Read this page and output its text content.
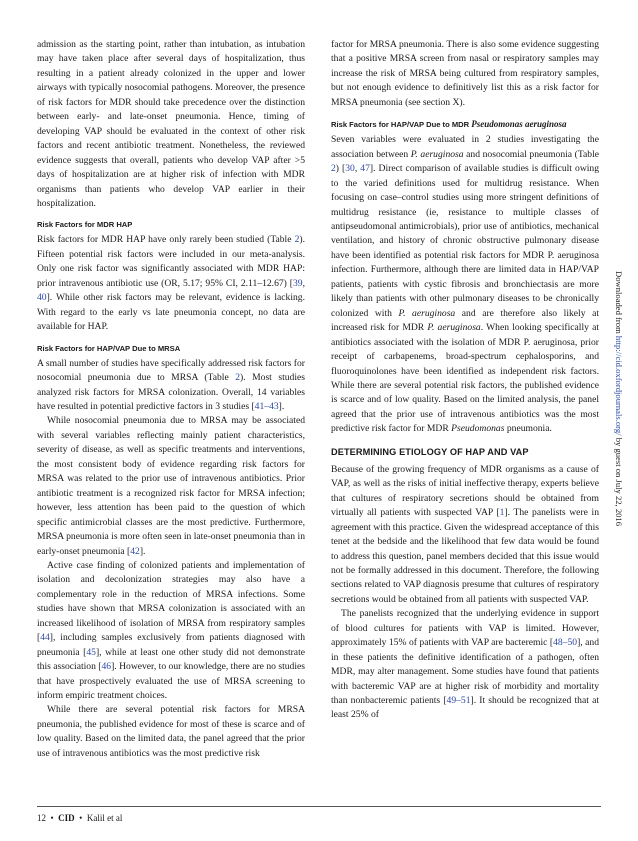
admission as the starting point, rather than intubation, as intubation may have taken place after several days of hospitalization, thus resulting in a patient already colonized in the upper and lower airways with typically nosocomial pathogens. Moreover, the presence of risk factors for MDR should take precedence over the distinction between early- and late-onset pneumonia. Hence, timing of developing VAP should be evaluated in the context of other risk factors and recent antibiotic treatment. Nonetheless, the reviewed evidence suggests that overall, patients who develop VAP after >5 days of hospitalization are at higher risk of infection with MDR organisms than patients who develop VAP earlier in their hospitalization.

Risk Factors for MDR HAP

Risk factors for MDR HAP have only rarely been studied (Table 2). Fifteen potential risk factors were included in our meta-analysis. Only one risk factor was significantly associated with MDR HAP: prior intravenous antibiotic use (OR, 5.17; 95% CI, 2.11–12.67) [39, 40]. While other risk factors may be relevant, evidence is lacking. With regard to the early vs late pneumonia concept, no data are available for HAP.

Risk Factors for HAP/VAP Due to MRSA

A small number of studies have specifically addressed risk factors for nosocomial pneumonia due to MRSA (Table 2). Most studies analyzed risk factors for MRSA colonization. Overall, 14 variables have resulted in potential predictive factors in 3 studies [41–43].

While nosocomial pneumonia due to MRSA may be associated with several variables reflecting mainly patient characteristics, severity of disease, as well as specific treatments and interventions, the most consistent body of evidence regarding risk factors for MRSA was related to the prior use of intravenous antibiotics. Prior antibiotic treatment is a recognized risk factor for MRSA infection; however, less attention has been paid to the question of which specific antimicrobial classes are the most predictive. Furthermore, MRSA pneumonia is more often seen in late-onset pneumonia than in early-onset pneumonia [42].

Active case finding of colonized patients and implementation of isolation and decolonization strategies may also have a complementary role in the reduction of MRSA infections. Some studies have shown that MRSA colonization is associated with an increased likelihood of isolation of MRSA from respiratory samples [44], including samples exclusively from patients diagnosed with pneumonia [45], while at least one other study did not demonstrate this association [46]. However, to our knowledge, there are no studies that have prospectively evaluated the use of MRSA screening to inform empiric treatment choices.

While there are several potential risk factors for MRSA pneumonia, the published evidence for most of these is scarce and of low quality. Based on the limited data, the panel agreed that the prior use of intravenous antibiotics was the most predictive risk

factor for MRSA pneumonia. There is also some evidence suggesting that a positive MRSA screen from nasal or respiratory samples may increase the risk of MRSA being cultured from respiratory samples, but not enough evidence to definitively list this as a risk factor for MRSA pneumonia (see section X).

Risk Factors for HAP/VAP Due to MDR Pseudomonas aeruginosa

Seven variables were evaluated in 2 studies investigating the association between P. aeruginosa and nosocomial pneumonia (Table 2) [30, 47]. Direct comparison of available studies is difficult owing to the varied definitions used for multidrug resistance. When focusing on case–control studies using more stringent definitions of multidrug resistance (ie, resistance to multiple classes of antipseudomonal antimicrobials), prior use of antibiotics, mechanical ventilation, and history of chronic obstructive pulmonary disease have been identified as potential risk factors for MDR P. aeruginosa infection. Furthermore, although there are limited data in HAP/VAP patients, patients with cystic fibrosis and bronchiectasis are more likely than patients with other pulmonary diseases to be chronically colonized with P. aeruginosa and are therefore also likely at increased risk for MDR P. aeruginosa. When looking specifically at antibiotics associated with the isolation of MDR P. aeruginosa, prior receipt of carbapenems, broad-spectrum cephalosporins, and fluoroquinolones have been identified as independent risk factors. While there are several potential risk factors, the published evidence is scarce and of low quality. Based on the limited analysis, the panel agreed that the prior use of intravenous antibiotics was the most predictive risk factor for MDR Pseudomonas pneumonia.

DETERMINING ETIOLOGY OF HAP AND VAP

Because of the growing frequency of MDR organisms as a cause of VAP, as well as the risks of initial ineffective therapy, experts believe that cultures of respiratory secretions should be obtained from virtually all patients with suspected VAP [1]. The panelists were in agreement with this practice. Given the widespread acceptance of this tenet at the bedside and the likelihood that few data would be found to address this question, panel members decided that this issue would not be formally addressed in this document. Therefore, the following sections related to VAP diagnosis presume that cultures of respiratory secretions would be obtained from all patients with suspected VAP.

The panelists recognized that the underlying evidence in support of blood cultures for patients with VAP is limited. However, approximately 15% of patients with VAP are bacteremic [48–50], and in these patients the definitive identification of a pathogen, often MDR, may alter management. Some studies have found that patients with bacteremic VAP are at higher risk of morbidity and mortality than nonbacteremic patients [49–51]. It should be recognized that at least 25% of

12 • CID • Kalil et al
Downloaded from http://cid.oxfordjournals.org/ by guest on July 22, 2016
